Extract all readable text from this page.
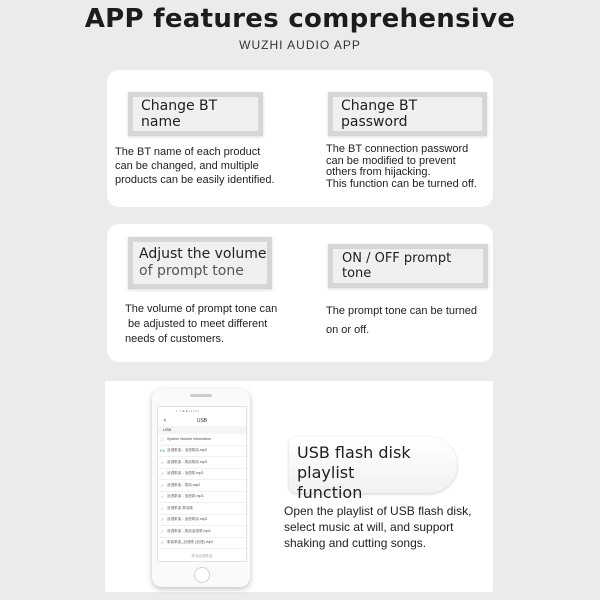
APP features comprehensive
WUZHI AUDIO APP
Change BT name
The BT name of each product
can be changed, and multiple
products can be easily identified.
Change BT password
The BT connection password
can be modified to prevent
others from hijacking.
This function can be turned off.
Adjust the volume
of prompt tone
The volume of prompt tone can
be adjusted to meet different
needs of customers.
ON / OFF prompt tone
The prompt tone can be turned
on or off.
• · • ● ● • • • • •
<	USB
USB
□ System Volume Information
Ro 浪漫歌曲 - 浪漫歌曲.mp3
✓ 浪漫歌曲 - 歌曲歌曲.mp3
✓ 浪漫歌曲 - 浪漫歌.mp3
✓ 浪漫歌曲 - 歌曲.mp3
✓ 浪漫歌曲 - 浪漫歌.mp3
✓ 浪漫歌曲 歌曲歌
✓ 浪漫歌曲 - 浪漫歌曲.mp3
✓ 浪漫歌曲 - 歌曲浪漫歌.mp3
✓ 歌曲歌曲_浪漫歌 (浪漫).mp3
歌曲浪漫歌曲
USB flash disk playlist
function
Open the playlist of USB flash disk,
select music at will, and support
shaking and cutting songs.
